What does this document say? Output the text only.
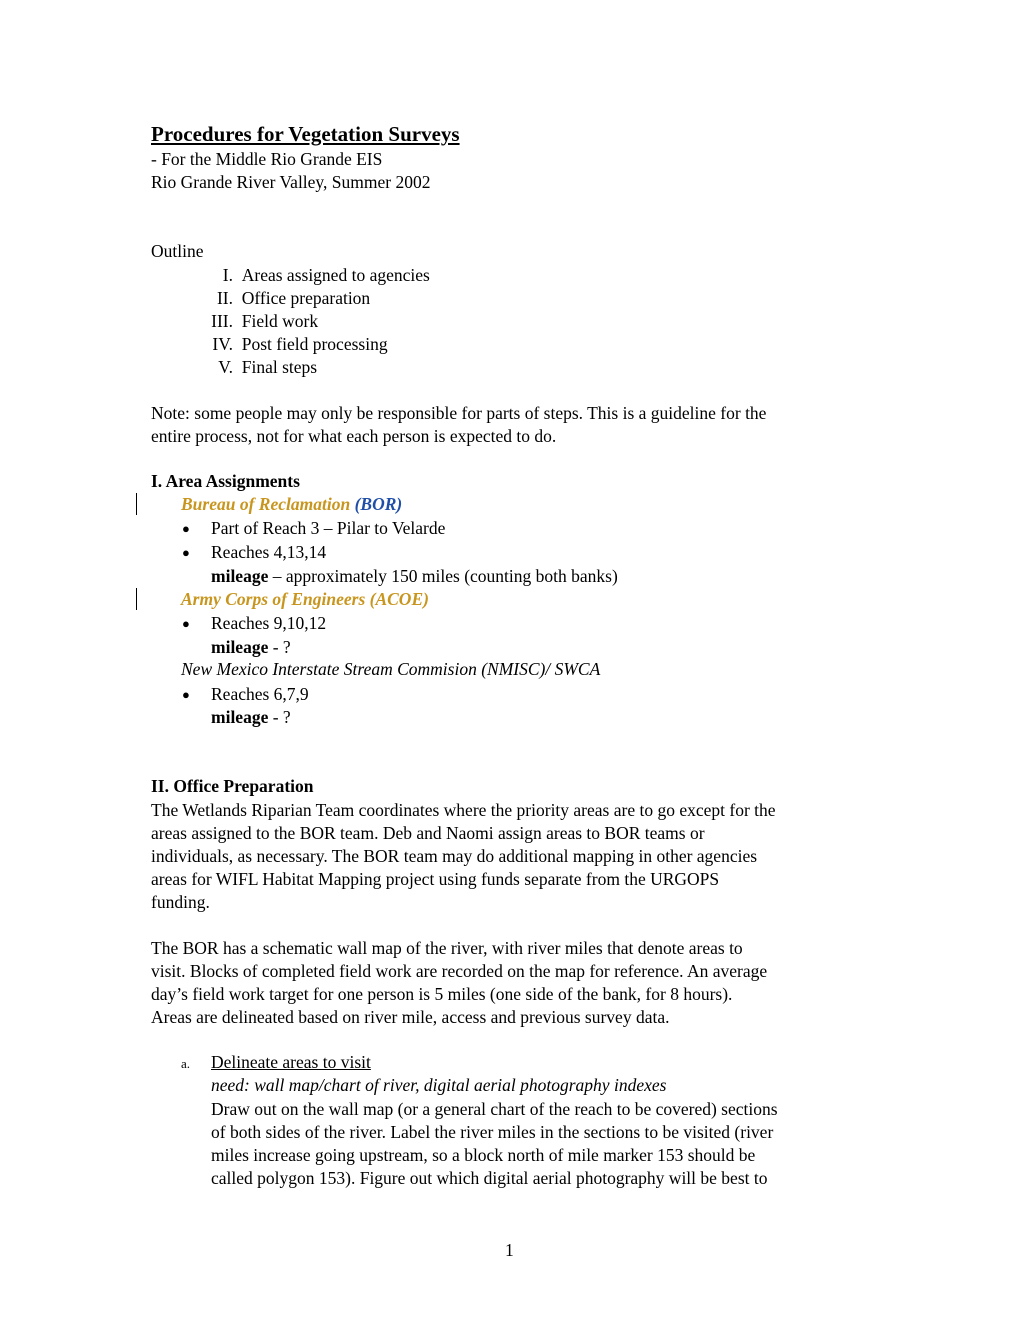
Procedures for Vegetation Surveys
- For the Middle Rio Grande EIS
Rio Grande River Valley, Summer 2002
Outline
I. Areas assigned to agencies
II. Office preparation
III. Field work
IV. Post field processing
V. Final steps
Note: some people may only be responsible for parts of steps. This is a guideline for the
entire process, not for what each person is expected to do.
I. Area Assignments
Bureau of Reclamation (BOR)
● Part of Reach 3 – Pilar to Velarde
● Reaches 4,13,14
mileage – approximately 150 miles (counting both banks)
Army Corps of Engineers (ACOE)
● Reaches 9,10,12
mileage - ?
New Mexico Interstate Stream Commision (NMISC)/ SWCA
● Reaches 6,7,9
mileage - ?
II. Office Preparation
The Wetlands Riparian Team coordinates where the priority areas are to go except for the
areas assigned to the BOR team. Deb and Naomi assign areas to BOR teams or
individuals, as necessary. The BOR team may do additional mapping in other agencies
areas for WIFL Habitat Mapping project using funds separate from the URGOPS
funding.
The BOR has a schematic wall map of the river, with river miles that denote areas to
visit. Blocks of completed field work are recorded on the map for reference. An average
day’s field work target for one person is 5 miles (one side of the bank, for 8 hours).
Areas are delineated based on river mile, access and previous survey data.
a. Delineate areas to visit
need: wall map/chart of river, digital aerial photography indexes
Draw out on the wall map (or a general chart of the reach to be covered) sections
of both sides of the river. Label the river miles in the sections to be visited (river
miles increase going upstream, so a block north of mile marker 153 should be
called polygon 153). Figure out which digital aerial photography will be best to
1
